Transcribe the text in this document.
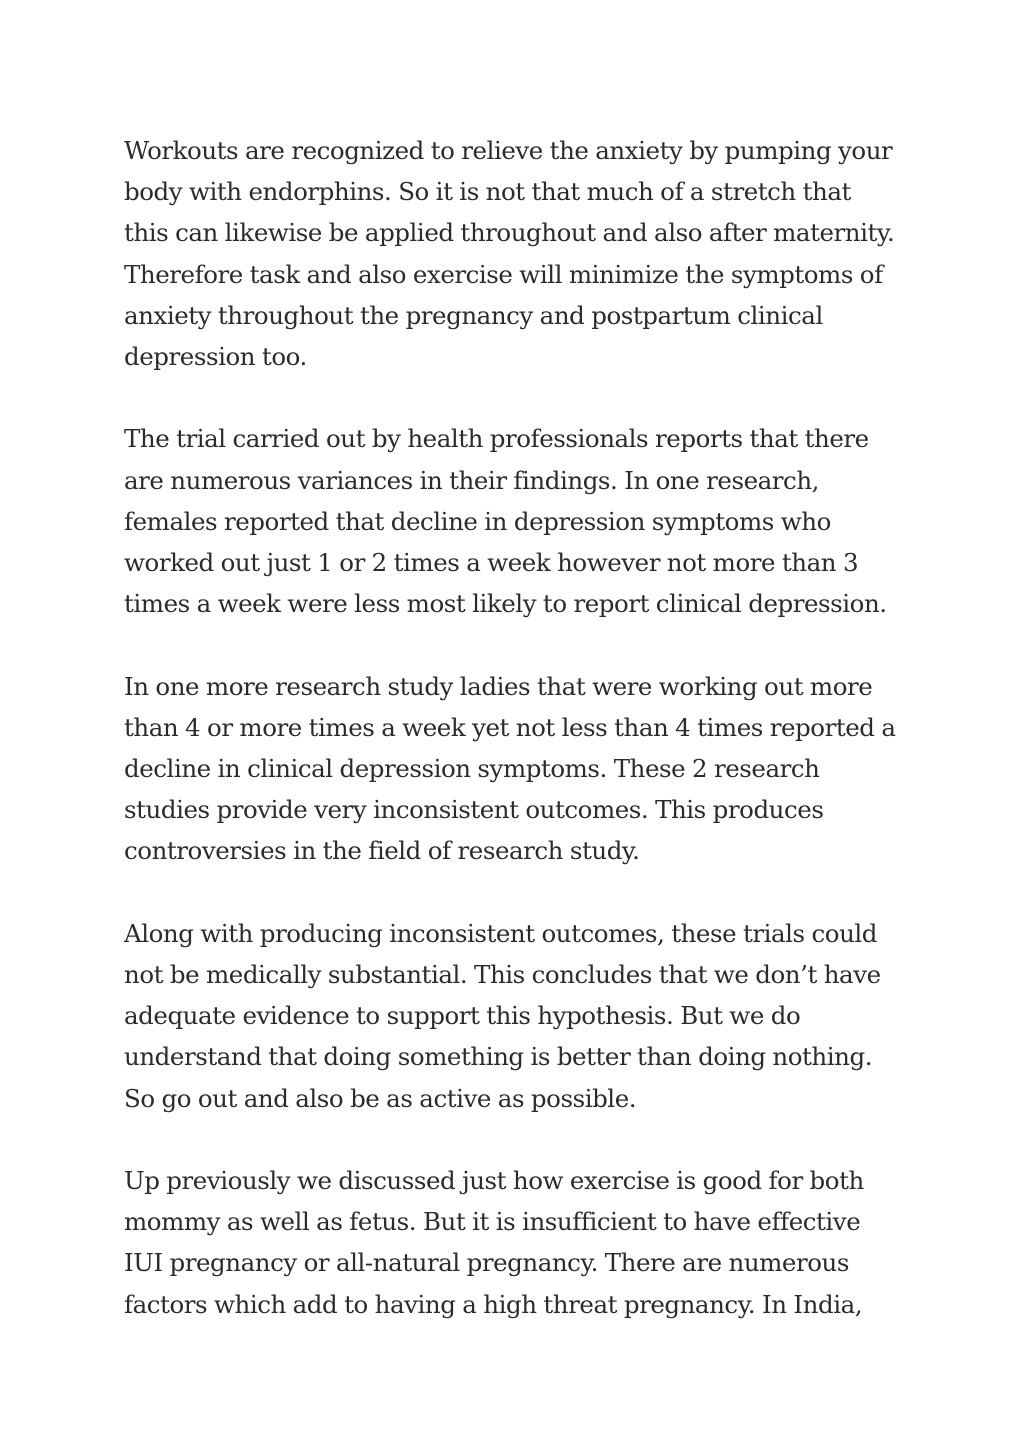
Workouts are recognized to relieve the anxiety by pumping your
body with endorphins. So it is not that much of a stretch that
this can likewise be applied throughout and also after maternity.
Therefore task and also exercise will minimize the symptoms of
anxiety throughout the pregnancy and postpartum clinical
depression too.

The trial carried out by health professionals reports that there
are numerous variances in their findings. In one research,
females reported that decline in depression symptoms who
worked out just 1 or 2 times a week however not more than 3
times a week were less most likely to report clinical depression.

In one more research study ladies that were working out more
than 4 or more times a week yet not less than 4 times reported a
decline in clinical depression symptoms. These 2 research
studies provide very inconsistent outcomes. This produces
controversies in the field of research study.

Along with producing inconsistent outcomes, these trials could
not be medically substantial. This concludes that we don’t have
adequate evidence to support this hypothesis. But we do
understand that doing something is better than doing nothing.
So go out and also be as active as possible.

Up previously we discussed just how exercise is good for both
mommy as well as fetus. But it is insufficient to have effective
IUI pregnancy or all-natural pregnancy. There are numerous
factors which add to having a high threat pregnancy. In India,
